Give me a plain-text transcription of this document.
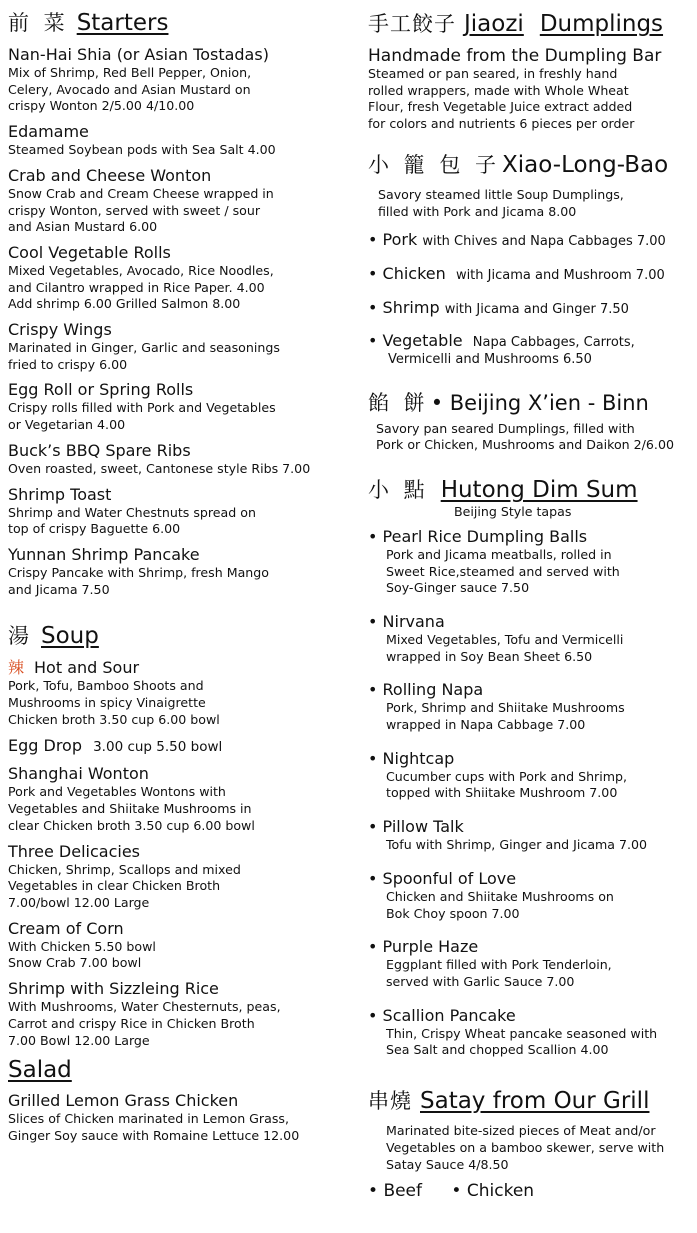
前 菜 Starters
Nan-Hai Shia (or Asian Tostadas)
Mix of Shrimp, Red Bell Pepper, Onion,
Celery, Avocado and Asian Mustard on
crispy Wonton 2/5.00 4/10.00
Edamame
Steamed Soybean pods with Sea Salt 4.00
Crab and Cheese Wonton
Snow Crab and Cream Cheese wrapped in
crispy Wonton, served with sweet / sour
and Asian Mustard 6.00
Cool Vegetable Rolls
Mixed Vegetables, Avocado, Rice Noodles,
and Cilantro wrapped in Rice Paper. 4.00
Add shrimp 6.00 Grilled Salmon 8.00
Crispy Wings
Marinated in Ginger, Garlic and seasonings
fried to crispy 6.00
Egg Roll or Spring Rolls
Crispy rolls filled with Pork and Vegetables
or Vegetarian 4.00
Buck’s BBQ Spare Ribs
Oven roasted, sweet, Cantonese style Ribs 7.00
Shrimp Toast
Shrimp and Water Chestnuts spread on
top of crispy Baguette 6.00
Yunnan Shrimp Pancake
Crispy Pancake with Shrimp, fresh Mango
and Jicama 7.50
湯 Soup
辣 Hot and Sour
Pork, Tofu, Bamboo Shoots and
Mushrooms in spicy Vinaigrette
Chicken broth 3.50 cup 6.00 bowl
Egg Drop 3.00 cup 5.50 bowl
Shanghai Wonton
Pork and Vegetables Wontons with
Vegetables and Shiitake Mushrooms in
clear Chicken broth 3.50 cup 6.00 bowl
Three Delicacies
Chicken, Shrimp, Scallops and mixed
Vegetables in clear Chicken Broth
7.00/bowl 12.00 Large
Cream of Corn
With Chicken 5.50 bowl
Snow Crab 7.00 bowl
Shrimp with Sizzleing Rice
With Mushrooms, Water Chesternuts, peas,
Carrot and crispy Rice in Chicken Broth
7.00 Bowl 12.00 Large
Salad
Grilled Lemon Grass Chicken
Slices of Chicken marinated in Lemon Grass,
Ginger Soy sauce with Romaine Lettuce 12.00
手工餃子 Jiaozi Dumplings
Handmade from the Dumpling Bar
Steamed or pan seared, in freshly hand
rolled wrappers, made with Whole Wheat
Flour, fresh Vegetable Juice extract added
for colors and nutrients 6 pieces per order
小 籠 包 子 Xiao-Long-Bao
Savory steamed little Soup Dumplings,
filled with Pork and Jicama 8.00
• Pork with Chives and Napa Cabbages 7.00
• Chicken with Jicama and Mushroom 7.00
• Shrimp with Jicama and Ginger 7.50
• Vegetable Napa Cabbages, Carrots,
Vermicelli and Mushrooms 6.50
餡 餅 • Beijing X’ien - Binn
Savory pan seared Dumplings, filled with
Pork or Chicken, Mushrooms and Daikon 2/6.00
小 點 Hutong Dim Sum
Beijing Style tapas
• Pearl Rice Dumpling Balls
Pork and Jicama meatballs, rolled in
Sweet Rice,steamed and served with
Soy-Ginger sauce 7.50
• Nirvana
Mixed Vegetables, Tofu and Vermicelli
wrapped in Soy Bean Sheet 6.50
• Rolling Napa
Pork, Shrimp and Shiitake Mushrooms
wrapped in Napa Cabbage 7.00
• Nightcap
Cucumber cups with Pork and Shrimp,
topped with Shiitake Mushroom 7.00
• Pillow Talk
Tofu with Shrimp, Ginger and Jicama 7.00
• Spoonful of Love
Chicken and Shiitake Mushrooms on
Bok Choy spoon 7.00
• Purple Haze
Eggplant filled with Pork Tenderloin,
served with Garlic Sauce 7.00
• Scallion Pancake
Thin, Crispy Wheat pancake seasoned with
Sea Salt and chopped Scallion 4.00
串燒 Satay from Our Grill
Marinated bite-sized pieces of Meat and/or
Vegetables on a bamboo skewer, serve with
Satay Sauce 4/8.50
• Beef • Chicken
